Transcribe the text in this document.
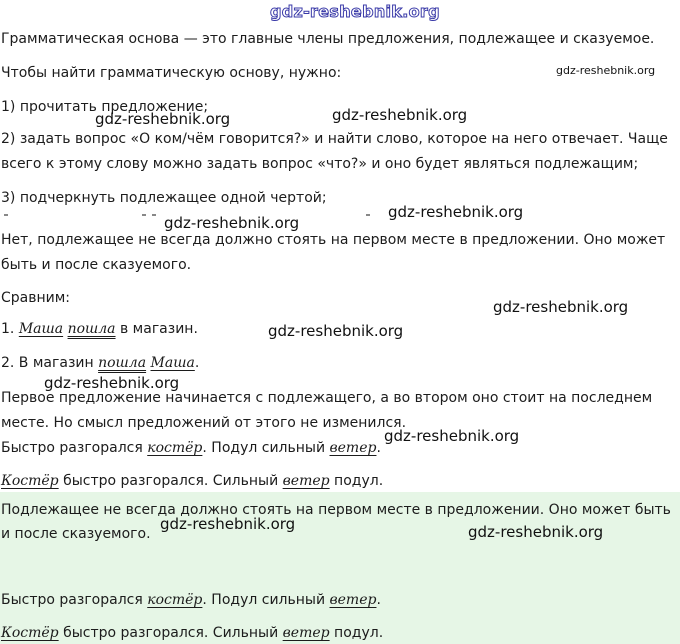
gdz-reshebnik.org
Грамматическая основа — это главные члены предложения, подлежащее и сказуемое.
Чтобы найти грамматическую основу, нужно:	gdz-reshebnik.org
1) прочитать предложение;
gdz-reshebnik.org	gdz-reshebnik.org
2) задать вопрос «О ком/чём говорится?» и найти слово, которое на него отвечает. Чаще
всего к этому слову можно задать вопрос «что?» и оно будет являться подлежащим;
3) подчеркнуть подлежащее одной чертой;
gdz-reshebnik.org
gdz-reshebnik.org
Нет, подлежащее не всегда должно стоять на первом месте в предложении. Оно может
быть и после сказуемого.
Сравним:	gdz-reshebnik.org
1. Маша пошла в магазин.	gdz-reshebnik.org
2. В магазин пошла Маша.
gdz-reshebnik.org
Первое предложение начинается с подлежащего, а во втором оно стоит на последнем
месте. Но смысл предложений от этого не изменился.
Быстро разгорался костёр. Подул сильный ветер.
gdz-reshebnik.org
Костёр быстро разгорался. Сильный ветер подул.
Подлежащее не всегда должно стоять на первом месте в предложении. Оно может быть
и после сказуемого.
gdz-reshebnik.org	gdz-reshebnik.org
Быстро разгорался костёр. Подул сильный ветер.
Костёр быстро разгорался. Сильный ветер подул.
